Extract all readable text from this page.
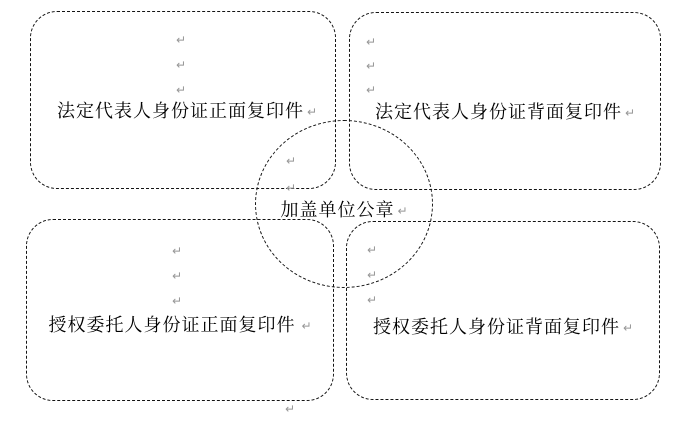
法定代表人身份证正面复印件 ↵	法定代表人身份证背面复印件 ↵
授权委托人身份证正面复印件 ↵	授权委托人身份证背面复印件 ↵
加盖单位公章 ↵
↵
↵
↵
↵
↵
↵
↵
↵
↵
↵
↵
↵
↵
↵
↵
